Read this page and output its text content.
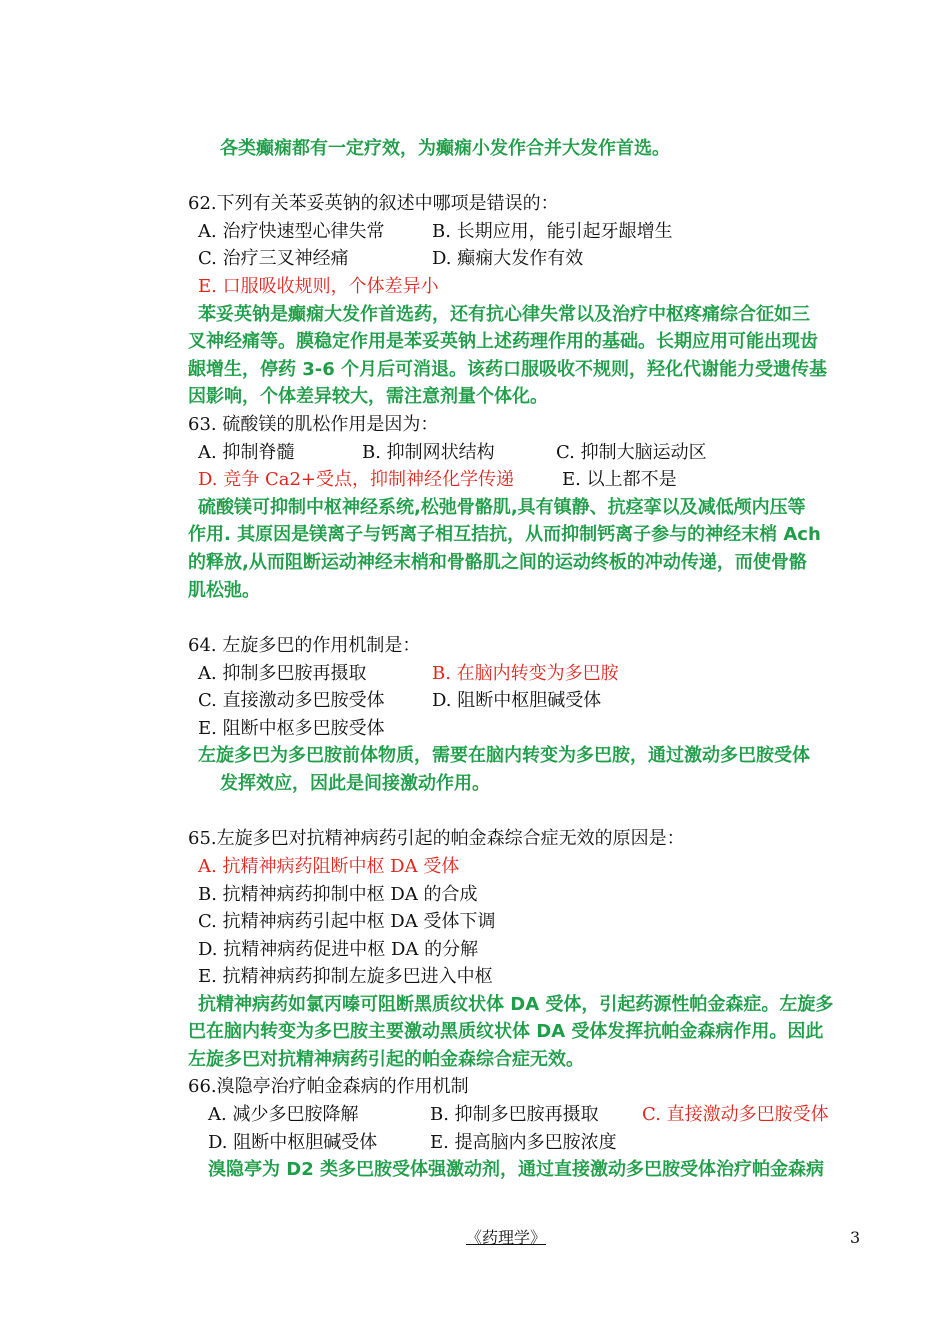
各类癫痫都有一定疗效，为癫痫小发作合并大发作首选。
62.下列有关苯妥英钠的叙述中哪项是错误的：
A. 治疗快速型心律失常	B. 长期应用，能引起牙龈增生
C. 治疗三叉神经痛	D. 癫痫大发作有效
E. 口服吸收规则，个体差异小
苯妥英钠是癫痫大发作首选药，还有抗心律失常以及治疗中枢疼痛综合征如三
叉神经痛等。膜稳定作用是苯妥英钠上述药理作用的基础。长期应用可能出现齿
龈增生，停药 3-6 个月后可消退。该药口服吸收不规则，羟化代谢能力受遗传基
因影响，个体差异较大，需注意剂量个体化。
63. 硫酸镁的肌松作用是因为：
A. 抑制脊髓	B. 抑制网状结构	C. 抑制大脑运动区
D. 竞争 Ca2+受点，抑制神经化学传递	E. 以上都不是
硫酸镁可抑制中枢神经系统,松弛骨骼肌,具有镇静、抗痉挛以及减低颅内压等
作用. 其原因是镁离子与钙离子相互拮抗，从而抑制钙离子参与的神经末梢 Ach
的释放,从而阻断运动神经末梢和骨骼肌之间的运动终板的冲动传递，而使骨骼
肌松弛。
64. 左旋多巴的作用机制是：
A. 抑制多巴胺再摄取	B. 在脑内转变为多巴胺
C. 直接激动多巴胺受体	D. 阻断中枢胆碱受体
E. 阻断中枢多巴胺受体
左旋多巴为多巴胺前体物质，需要在脑内转变为多巴胺，通过激动多巴胺受体
发挥效应，因此是间接激动作用。
65.左旋多巴对抗精神病药引起的帕金森综合症无效的原因是：
A. 抗精神病药阻断中枢 DA 受体
B. 抗精神病药抑制中枢 DA 的合成
C. 抗精神病药引起中枢 DA 受体下调
D. 抗精神病药促进中枢 DA 的分解
E. 抗精神病药抑制左旋多巴进入中枢
抗精神病药如氯丙嗪可阻断黑质纹状体 DA 受体，引起药源性帕金森症。左旋多
巴在脑内转变为多巴胺主要激动黑质纹状体 DA 受体发挥抗帕金森病作用。因此
左旋多巴对抗精神病药引起的帕金森综合症无效。
66.溴隐亭治疗帕金森病的作用机制
A. 减少多巴胺降解	B. 抑制多巴胺再摄取 C. 直接激动多巴胺受体
D. 阻断中枢胆碱受体	E. 提高脑内多巴胺浓度
溴隐亭为 D2 类多巴胺受体强激动剂，通过直接激动多巴胺受体治疗帕金森病
《药理学》	3
